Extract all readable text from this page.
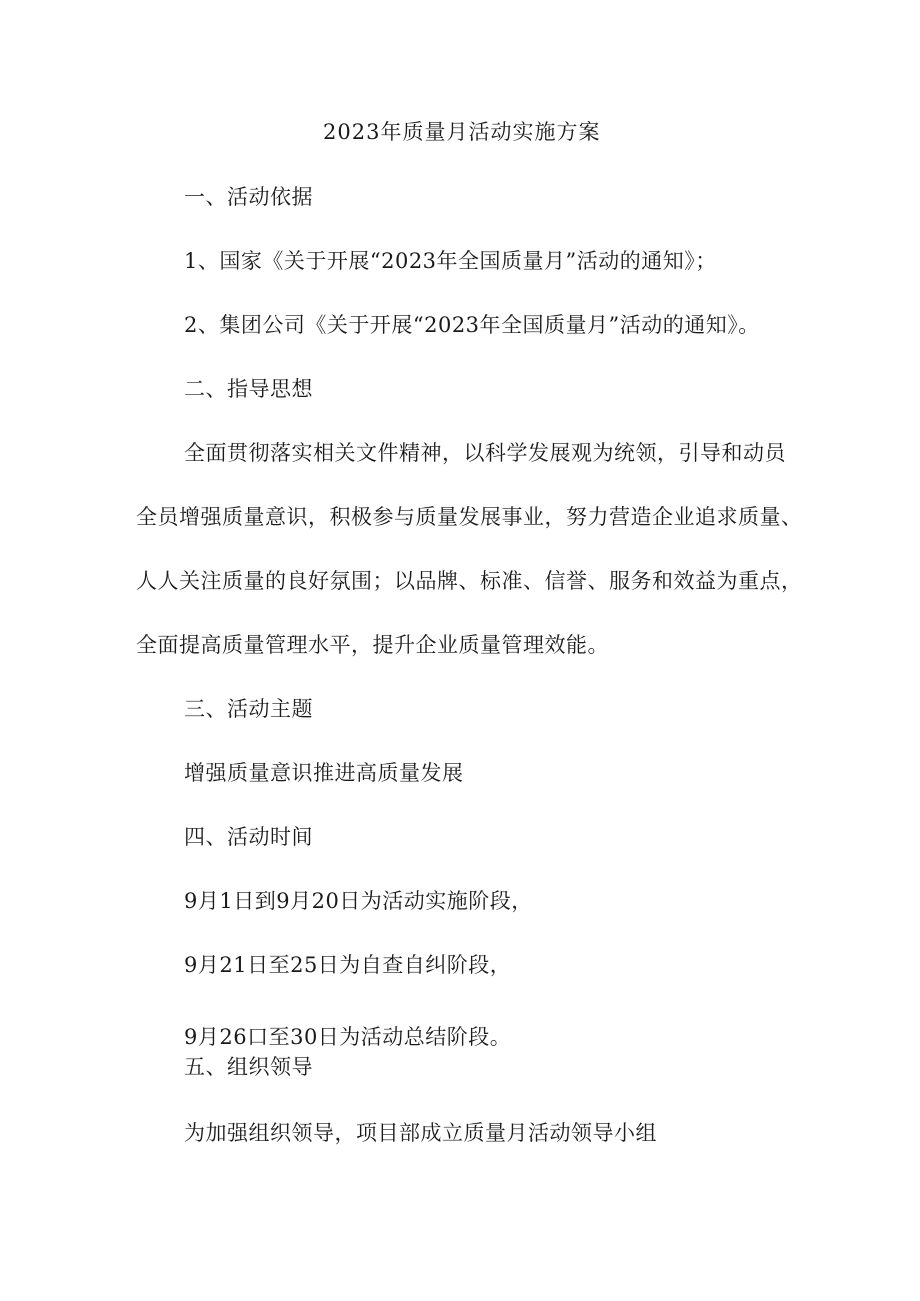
2023年质量月活动实施方案
一、活动依据
1、国家《关于开展“2023年全国质量月”活动的通知》；
2、集团公司《关于开展“2023年全国质量月”活动的通知》。
二、指导思想
全面贯彻落实相关文件精神，以科学发展观为统领，引导和动员
全员增强质量意识，积极参与质量发展事业，努力营造企业追求质量、
人人关注质量的良好氛围；以品牌、标准、信誉、服务和效益为重点，
全面提高质量管理水平，提升企业质量管理效能。
三、活动主题
增强质量意识推进高质量发展
四、活动时间
9月1日到9月20日为活动实施阶段，
9月21日至25日为自查自纠阶段，
9月26口至30日为活动总结阶段。
五、组织领导
为加强组织领导，项目部成立质量月活动领导小组
